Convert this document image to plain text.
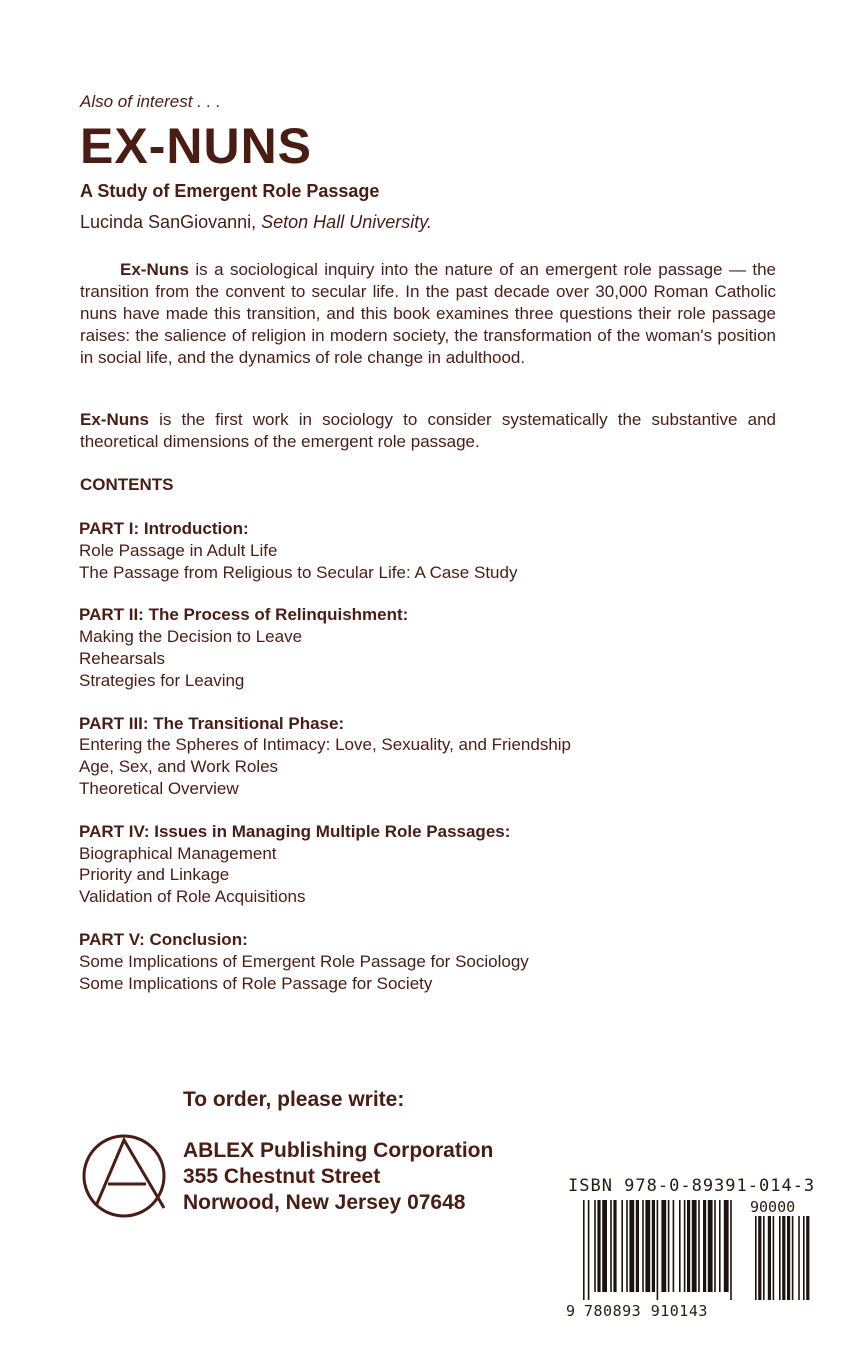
Also of interest . . .
EX-NUNS
A Study of Emergent Role Passage
Lucinda SanGiovanni, Seton Hall University.
Ex-Nuns is a sociological inquiry into the nature of an emergent role passage — the transition from the convent to secular life. In the past decade over 30,000 Roman Catholic nuns have made this transition, and this book examines three questions their role passage raises: the salience of religion in modern society, the transformation of the woman's position in social life, and the dynamics of role change in adulthood.
Ex-Nuns is the first work in sociology to consider systematically the substantive and theoretical dimensions of the emergent role passage.
CONTENTS
PART I: Introduction:
Role Passage in Adult Life
The Passage from Religious to Secular Life: A Case Study
PART II: The Process of Relinquishment:
Making the Decision to Leave
Rehearsals
Strategies for Leaving
PART III: The Transitional Phase:
Entering the Spheres of Intimacy: Love, Sexuality, and Friendship
Age, Sex, and Work Roles
Theoretical Overview
PART IV: Issues in Managing Multiple Role Passages:
Biographical Management
Priority and Linkage
Validation of Role Acquisitions
PART V: Conclusion:
Some Implications of Emergent Role Passage for Sociology
Some Implications of Role Passage for Society
To order, please write:
ABLEX Publishing Corporation
355 Chestnut Street
Norwood, New Jersey 07648
ISBN 978-0-89391-014-3
90000
9 780893 910143
